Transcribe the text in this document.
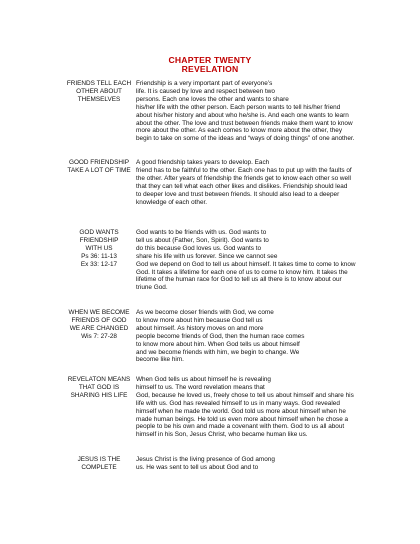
CHAPTER TWENTY
REVELATION
FRIENDS TELL EACH
OTHER ABOUT
THEMSELVES
Friendship is a very important part of everyone’s
life. It is caused by love and respect between two
persons. Each one loves the other and wants to share
his/her life with the other person. Each person wants to tell his/her friend
about his/her history and about who he/she is. And each one wants to learn
about the other. The love and trust between friends make them want to know
more about the other. As each comes to know more about the other, they
begin to take on some of the ideas and “ways of doing things” of one another.
GOOD FRIENDSHIP
TAKE A LOT OF TIME
A good friendship takes years to develop. Each
friend has to be faithful to the other. Each one has to put up with the faults of
the other. After years of friendship the friends get to know each other so well
that they can tell what each other likes and dislikes. Friendship should lead
to deeper love and trust between friends. It should also lead to a deeper
knowledge of each other.
GOD WANTS
FRIENDSHIP
WITH US
Ps 36: 11-13
Ex 33: 12-17
God wants to be friends with us. God wants to
tell us about (Father, Son, Spirit). God wants to
do this because God loves us. God wants to
share his life with us forever. Since we cannot see
God we depend on God to tell us about himself. It takes time to come to know
God. It takes a lifetime for each one of us to come to know him. It takes the
lifetime of the human race for God to tell us all there is to know about our
triune God.
WHEN WE BECOME
FRIENDS OF GOD
WE ARE CHANGED
Wis 7: 27-28
As we become closer friends with God, we come
to know more about him because God tell us
about himself. As history moves on and more
people become friends of God, then the human race comes
to know more about him. When God tells us about himself
and we become friends with him, we begin to change. We
become like him.
REVELATON MEANS
THAT GOD IS
SHARING HIS LIFE
When God tells us about himself he is revealing
himself to us. The word revelation means that
God, because he loved us, freely chose to tell us about himself and share his
life with us. God has revealed himself to us in many ways. God revealed
himself when he made the world. God told us more about himself when he
made human beings. He told us even more about himself when he chose a
people to be his own and made a covenant with them. God to us all about
himself in his Son, Jesus Christ, who became human like us.
JESUS IS THE
COMPLETE
Jesus Christ is the living presence of God among
us. He was sent to tell us about God and to
